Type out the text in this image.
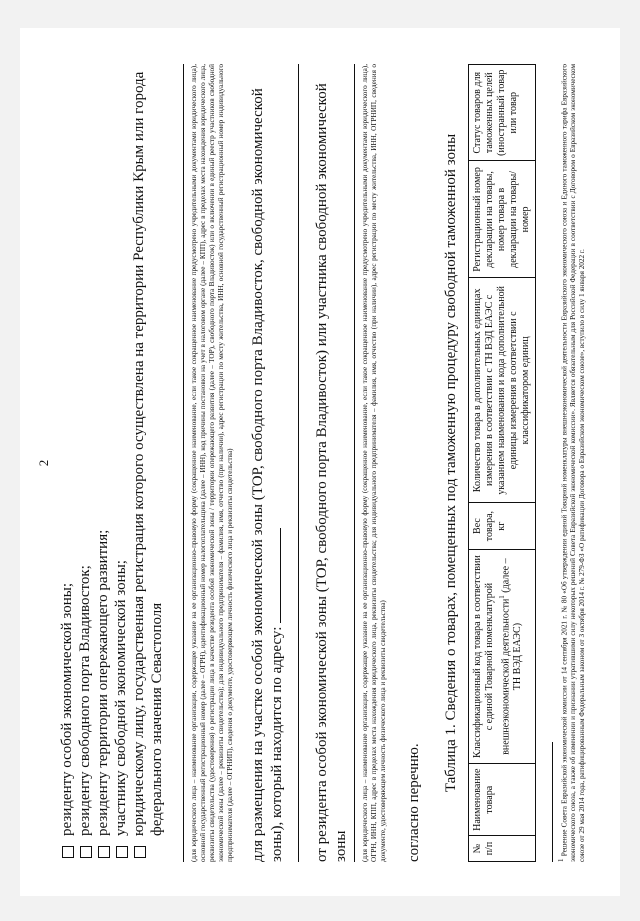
2
резиденту особой экономической зоны; резиденту свободного порта Владивосток; резиденту территории опережающего развития; участнику свободной экономической зоны; юридическому лицу, государственная регистрация которого осуществлена на территории Республики Крым или города федерального значения Севастополя	(для юридического лица – наименование организации, содержащее указание на ее организационно-правовую форму (сокращенное наименование, если такое сокращенное наименование предусмотрено учредительными документами юридического лица), основной государственный регистрационный номер (далее – ОГРН), идентификационный номер налогоплательщика (далее – ИНН), код причины постановки на учет в налоговом органе (далее – КПП), адрес в пределах места нахождения юридического лица, реквизиты свидетельства (удостоверения) о регистрации лица в качестве резидента особой экономической зоны / территории опережающего развития (далее – ТОР), свободного порта Владивосток) или о включении в единый реестр участников свободной экономической зоны (далее – реквизиты свидетельства); для индивидуального предпринимателя – фамилия, имя, отчество (при наличии), адрес регистрации по месту жительства, ИНН, основной государственный регистрационный номер индивидуального предпринимателя (далее – ОГРНИП), сведения о документе, удостоверяющем личность физического лица и реквизиты свидетельства) для размещения на участке особой экономической зоны (ТОР, свободного порта Владивосток, свободной экономической зоны), который находится по адресу: от резидента особой экономической зоны (ТОР, свободного порта Владивосток) или участника свободной экономической зоны (для юридического лица – наименование организации, содержащее указание на ее организационно-правовую форму (сокращенное наименование, если такое сокращенное наименование предусмотрено учредительными документами юридического лица), ОГРН, ИНН, КПП, адрес в пределах места нахождения юридического лица, реквизиты свидетельства; для индивидуального предпринимателя – фамилия, имя, отчество (при наличии), адрес регистрации по месту жительства, ИНН, ОГРНИП, сведения о документе, удостоверяющем личность физического лица и реквизиты свидетельства) согласно перечню.
Таблица 1. Сведения о товарах, помещенных под таможенную процедуру свободной таможенной зоны
№ п/п	Наименование товара	Классификационный код товара в соответствии с единой Товарной номенклатурой внешнеэкономической деятельности$^1$ (далее – ТН ВЭД ЕАЭС)	Вес товара, кг	Количество товара в дополнительных единицах измерения в соответствии с ТН ВЭД ЕАЭС с указанием наименования и кода дополнительной единицы измерения в соответствии с классификатором единиц	Регистрационный номер декларации на товары, номер товара в декларации на товары/номер	Статус товаров для таможенных целей (иностранный товар или товар
$^1$ Решение Совета Евразийской экономической комиссии от 14 сентября 2021 г. № 80 «Об утверждении единой Товарной номенклатуры внешнеэкономической деятельности Евразийского экономического союза и Единого таможенного тарифа Евразийского экономического союза, а также об изменении и признании утратившими силу некоторых решений Совета Евразийской экономической комиссии». Является обязательным для Российской Федерации в соответствии с Договором о Евразийском экономическом союзе от 29 мая 2014 года, ратифицированным Федеральным законом от 3 октября 2014 г. № 279-ФЗ «О ратификации Договора о Евразийском экономическом союзе», вступило в силу 1 января 2022 г.
